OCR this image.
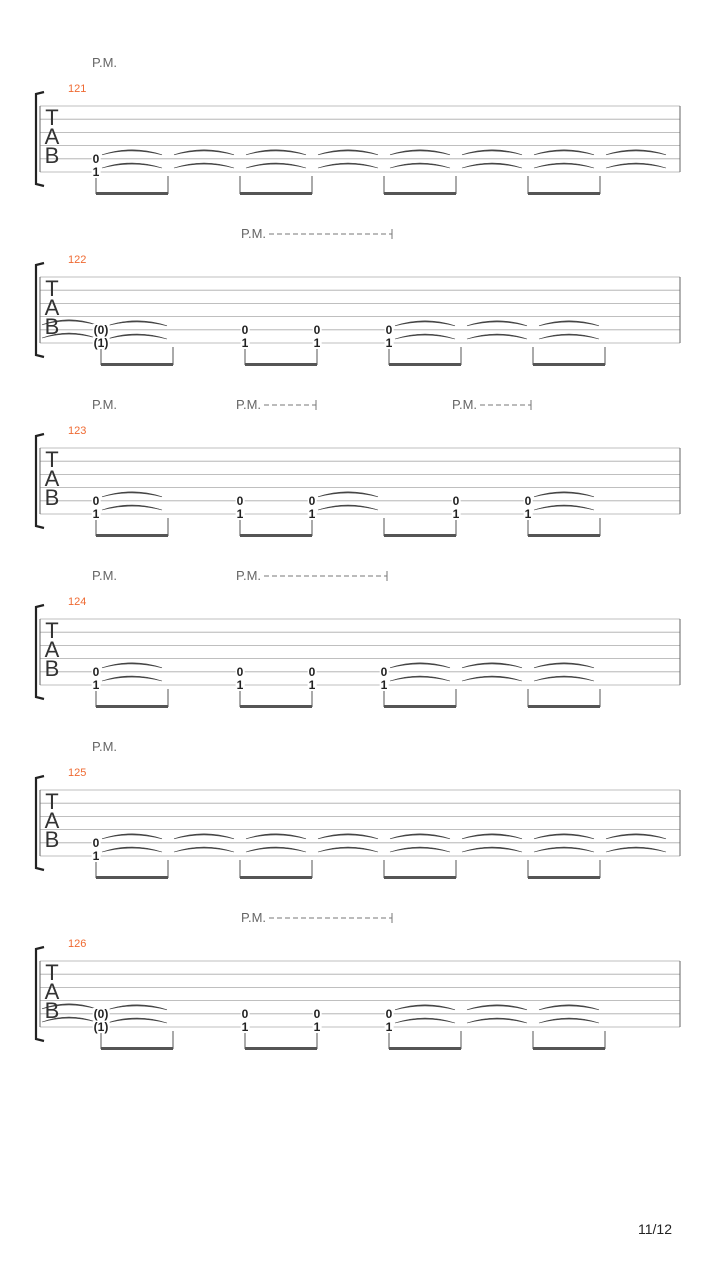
P.M.
121
T
A
B	0
1
P.M.
122
T
A
B	(0)
(1)
0
1
0
1
0
1
P.M.	P.M.	P.M.
123
T
A
B	0
1
0
1
0
1
0
1
0
1
P.M.	P.M.
124
T
A
B	0
1
0
1
0
1
0
1
P.M.
125
T
A
B	0
1
P.M.
126
T
A
B	(0)
(1)
0
1
0
1
0
1
11/12
